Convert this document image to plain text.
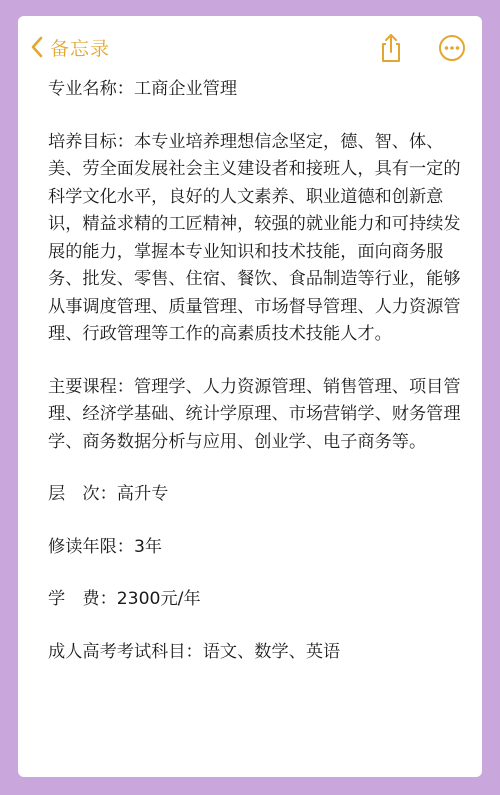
备忘录

专业名称：工商企业管理

培养目标：本专业培养理想信念坚定，德、智、体、美、劳全面发展社会主义建设者和接班人，具有一定的科学文化水平，良好的人文素养、职业道德和创新意识，精益求精的工匠精神，较强的就业能力和可持续发展的能力，掌握本专业知识和技术技能，面向商务服务、批发、零售、住宿、餐饮、食品制造等行业，能够从事调度管理、质量管理、市场督导管理、人力资源管理、行政管理等工作的高素质技术技能人才。

主要课程：管理学、人力资源管理、销售管理、项目管理、经济学基础、统计学原理、市场营销学、财务管理学、商务数据分析与应用、创业学、电子商务等。

层　次：高升专

修读年限：3年

学　费：2300元/年

成人高考考试科目：语文、数学、英语
